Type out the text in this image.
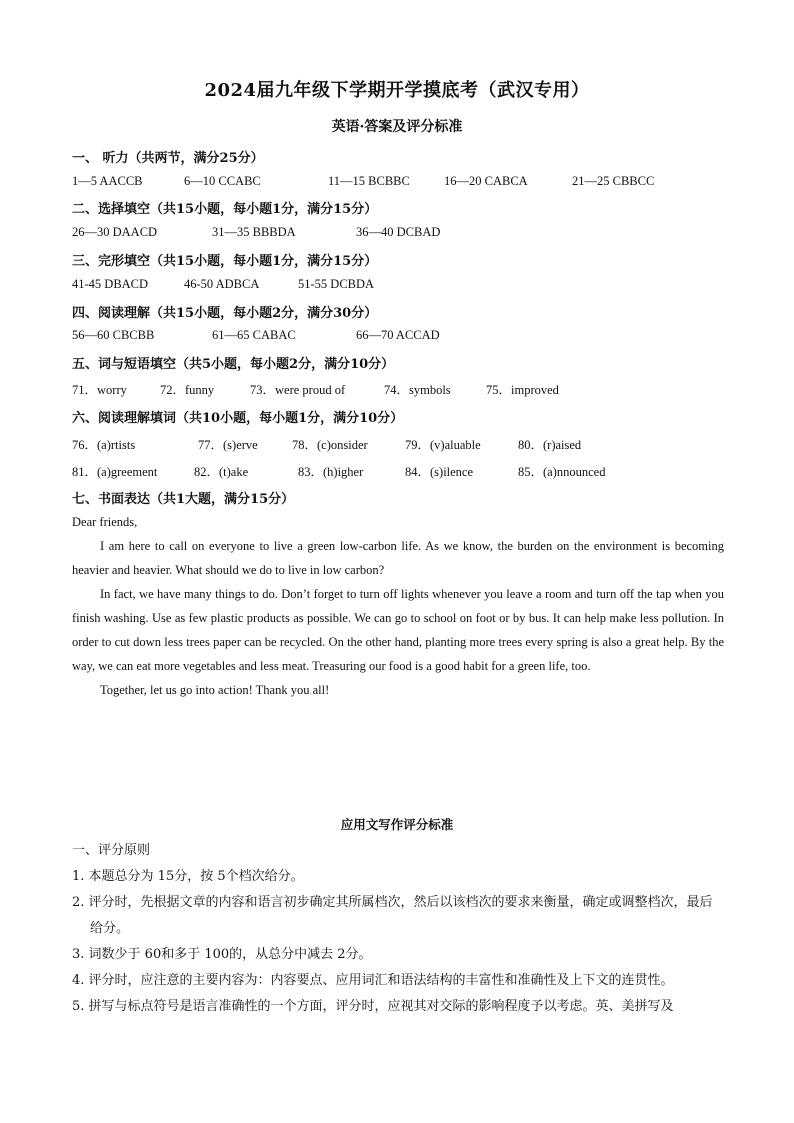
2024届九年级下学期开学摸底考（武汉专用）
英语·答案及评分标准
一、 听力（共两节，满分25分）
1—5 AACCB	6—10 CCABC	11—15 BCBBC	16—20 CABCA	21—25 CBBCC
二、选择填空（共15小题，每小题1分，满分15分）
26—30 DAACD	31—35 BBBDA	36—40 DCBAD
三、完形填空（共15小题，每小题1分，满分15分）
41-45 DBACD	46-50 ADBCA	51-55 DCBDA
四、阅读理解（共15小题，每小题2分，满分30分）
56—60 CBCBB	61—65 CABAC	66—70 ACCAD
五、词与短语填空（共5小题，每小题2分，满分10分）
71．worry	72．funny	73．were proud of	74．symbols	75．improved
六、阅读理解填词（共10小题，每小题1分，满分10分）
76．(a)rtists	77．(s)erve	78．(c)onsider	79．(v)aluable	80．(r)aised
81．(a)greement	82．(t)ake	83．(h)igher	84．(s)ilence	85．(a)nnounced
七、书面表达（共1大题，满分15分）

Dear friends,

I am here to call on everyone to live a green low-carbon life. As we know, the burden on the environment is becoming heavier and heavier. What should we do to live in low carbon?

In fact, we have many things to do. Don’t forget to turn off lights whenever you leave a room and turn off the tap when you finish washing. Use as few plastic products as possible. We can go to school on foot or by bus. It can help make less pollution. In order to cut down less trees paper can be recycled. On the other hand, planting more trees every spring is also a great help. By the way, we can eat more vegetables and less meat. Treasuring our food is a good habit for a green life, too.

Together, let us go into action! Thank you all!

应用文写作评分标准

一、评分原则

1. 本题总分为 15分，按 5个档次给分。

2. 评分时，先根据文章的内容和语言初步确定其所属档次，然后以该档次的要求来衡量，确定或调整档次，最后给分。

3. 词数少于 60和多于 100的，从总分中减去 2分。

4. 评分时，应注意的主要内容为：内容要点、应用词汇和语法结构的丰富性和准确性及上下文的连贯性。

5. 拼写与标点符号是语言准确性的一个方面，评分时，应视其对交际的影响程度予以考虑。英、美拼写及
